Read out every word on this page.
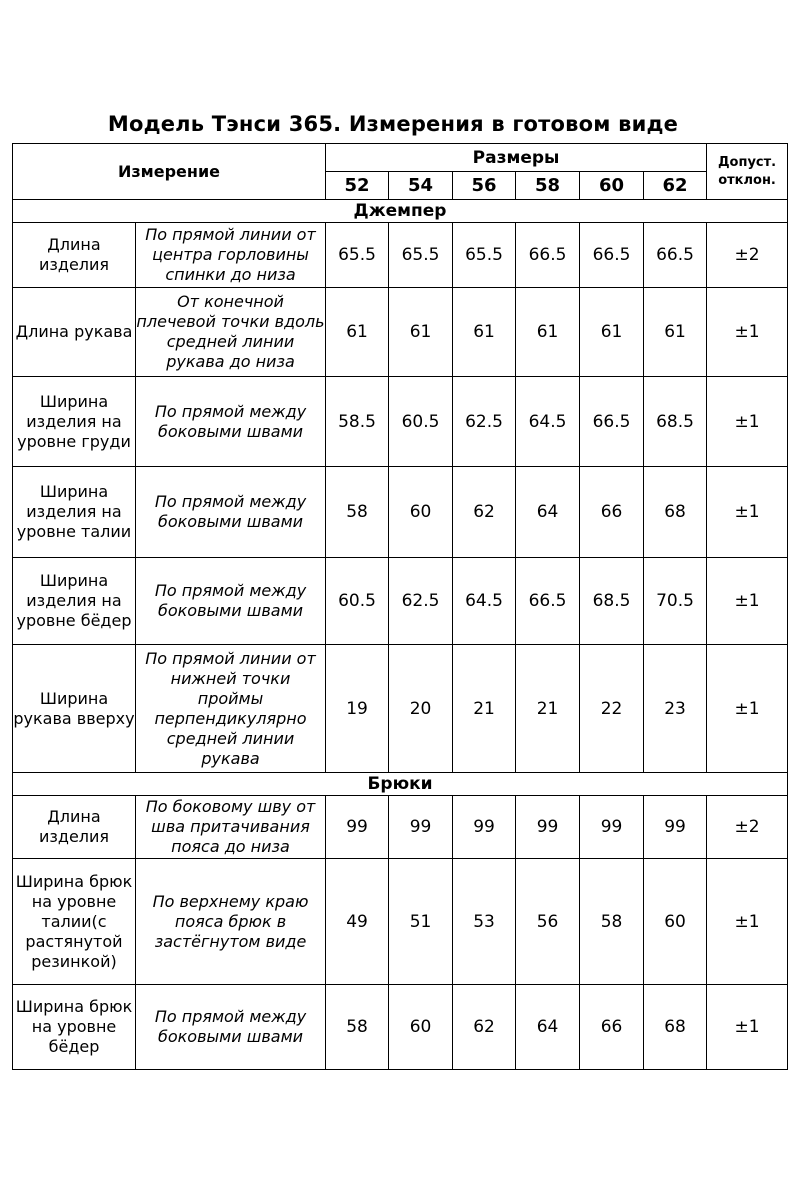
Модель Тэнси 365. Измерения в готовом виде
Измерение		Размеры						Допуст.
отклон.
		52	54	56	58	60	62	
Джемпер								
Длина изделия	По прямой линии от центра горловины спинки до низа	65.5	65.5	65.5	66.5	66.5	66.5	±2
Длина рукава	От конечной плечевой точки вдоль средней линии рукава до низа	61	61	61	61	61	61	±1
Ширина изделия на уровне груди	По прямой между боковыми швами	58.5	60.5	62.5	64.5	66.5	68.5	±1
Ширина изделия на уровне талии	По прямой между боковыми швами	58	60	62	64	66	68	±1
Ширина изделия на уровне бёдер	По прямой между боковыми швами	60.5	62.5	64.5	66.5	68.5	70.5	±1
Ширина рукава вверху	По прямой линии от нижней точки проймы перпендикулярно средней линии рукава	19	20	21	21	22	23	±1
Брюки								
Длина изделия	По боковому шву от шва притачивания пояса до низа	99	99	99	99	99	99	±2
Ширина брюк на уровне талии(с растянутой резинкой)	По верхнему краю пояса брюк в застёгнутом виде	49	51	53	56	58	60	±1
Ширина брюк на уровне бёдер	По прямой между боковыми швами	58	60	62	64	66	68	±1
